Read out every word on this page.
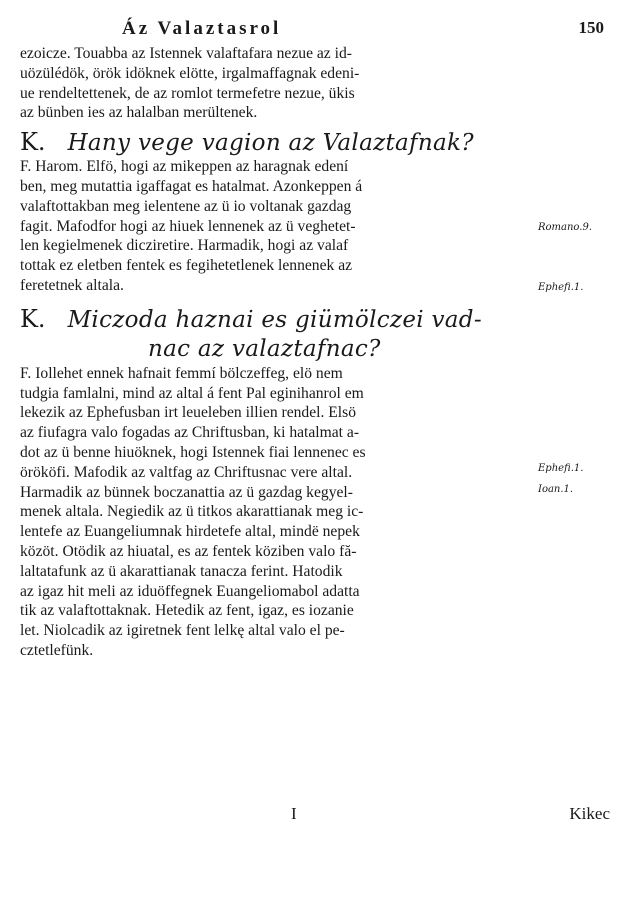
Áz Valaztasrol	150
ezoicze. Touabba az Istennek valaftafara nezue az id-
uözülédök, örök idöknek elötte, irgalmaffagnak edeni-
ue rendeltettenek, de az romlot termefetre nezue, ükis
az bünben ies az halalban merültenek.
K. Hany vege vagion az Valaztafnak?
F. Harom. Elfö, hogi az mikeppen az haragnak edení
ben, meg mutattia igaffagat es hatalmat. Azonkeppen á
valaftottakban meg ielentene az ü io voltanak gazdag
fagit. Mafodfor hogi az hiuek lennenek az ü veghetet-
len kegielmenek dicziretire. Harmadik, hogi az valaf
tottak ez eletben fentek es fegihetetlenek lennenek az
feretetnek altala.
K. Miczoda haznai es giümölczei vad-
nac az valaztafnac?
F. Iollehet ennek hafnait femmí bölczeffeg, elö nem
tudgia famlalni, mind az altal á fent Pal eginihanrol em
lekezik az Ephefusban irt leueleben illien rendel. Elsö
az fiufagra valo fogadas az Chriftusban, ki hatalmat a-
dot az ü benne hiuöknek, hogi Istennek fiai lennenec es
örököfi. Mafodik az valtfag az Chriftusnac vere altal.
Harmadik az bünnek boczanattia az ü gazdag kegyel-
menek altala. Negiedik az ü titkos akarattianak meg ic-
lentefe az Euangeliumnak hirdetefe altal, mindë nepek
közöt. Otödik az hiuatal, es az fentek köziben valo fă-
laltatafunk az ü akarattianak tanacza ferint. Hatodik
az igaz hit meli az iduöffegnek Euangeliomabol adatta
tik az valaftottaknak. Hetedik az fent, igaz, es iozanie
let. Niolcadik az igiretnek fent lelkę altal valo el pe-
cztetlefünk.
Romano.9.
Ephefi.1.
Ephefi.1.
Ioan.1.
I	Kikec
